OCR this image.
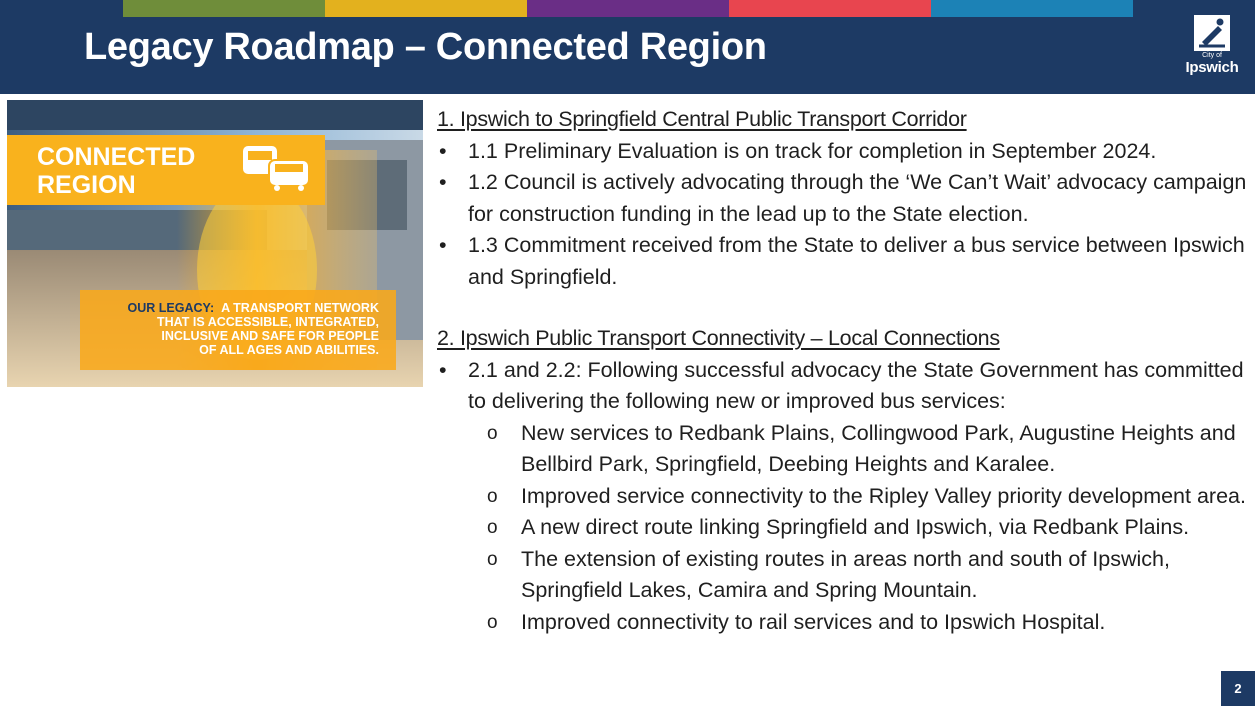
Legacy Roadmap – Connected Region	City of
Ipswich
CONNECTED
REGION
OUR LEGACY: A TRANSPORT NETWORK
THAT IS ACCESSIBLE, INTEGRATED,
INCLUSIVE AND SAFE FOR PEOPLE
OF ALL AGES AND ABILITIES.
1. Ipswich to Springfield Central Public Transport Corridor
• 1.1 Preliminary Evaluation is on track for completion in September 2024.
• 1.2 Council is actively advocating through the ‘We Can’t Wait’ advocacy campaign for construction funding in the lead up to the State election.
• 1.3 Commitment received from the State to deliver a bus service between Ipswich and Springfield.
2. Ipswich Public Transport Connectivity – Local Connections
• 2.1 and 2.2: Following successful advocacy the State Government has committed to delivering the following new or improved bus services:
o New services to Redbank Plains, Collingwood Park, Augustine Heights and Bellbird Park, Springfield, Deebing Heights and Karalee.
o Improved service connectivity to the Ripley Valley priority development area.
o A new direct route linking Springfield and Ipswich, via Redbank Plains.
o The extension of existing routes in areas north and south of Ipswich, Springfield Lakes, Camira and Spring Mountain.
o Improved connectivity to rail services and to Ipswich Hospital.
2
